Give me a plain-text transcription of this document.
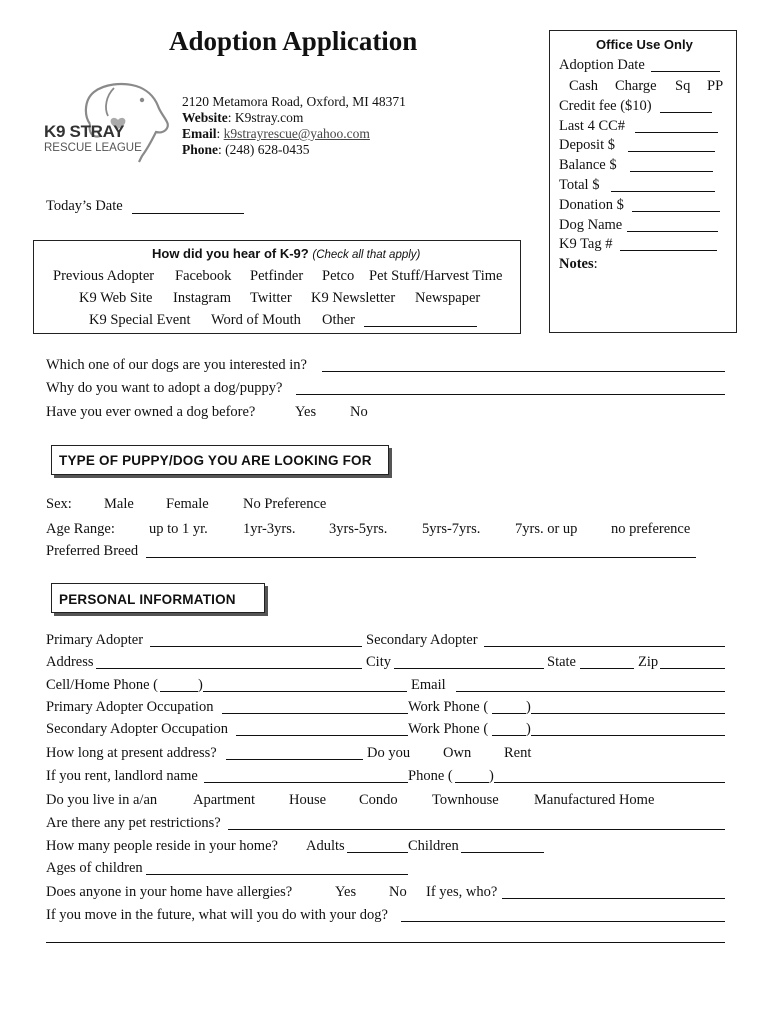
Adoption Application
K9 STRAY
RESCUE LEAGUE
2120 Metamora Road, Oxford, MI 48371
Website: K9stray.com
Email: k9strayrescue@yahoo.com
Phone: (248) 628-0435
Today’s Date
Office Use Only
Adoption Date
Cash Charge Sq PP
Credit fee ($10)
Last 4 CC#
Deposit $
Balance $
Total $
Donation $
Dog Name
K9 Tag #
Notes:
How did you hear of K-9? (Check all that apply)
Previous Adopter Facebook Petfinder Petco Pet Stuff/Harvest Time
K9 Web Site Instagram Twitter K9 Newsletter Newspaper
K9 Special Event Word of Mouth Other
Which one of our dogs are you interested in?
Why do you want to adopt a dog/puppy?
Have you ever owned a dog before?	Yes No
TYPE OF PUPPY/DOG YOU ARE LOOKING FOR
Sex: Male Female No Preference
Age Range: up to 1 yr. 1yr-3yrs. 3yrs-5yrs. 5yrs-7yrs. 7yrs. or up no preference
Preferred Breed
PERSONAL INFORMATION
Primary Adopter	Secondary Adopter
Address	City	State	Zip
Cell/Home Phone (	)	Email
Primary Adopter Occupation	Work Phone (	)
Secondary Adopter Occupation	Work Phone (	)
How long at present address?	Do you Own Rent
If you rent, landlord name	Phone (	)
Do you live in a/an Apartment House Condo Townhouse Manufactured Home
Are there any pet restrictions?
How many people reside in your home? Adults	Children
Ages of children
Does anyone in your home have allergies?	Yes No If yes, who?
If you move in the future, what will you do with your dog?
